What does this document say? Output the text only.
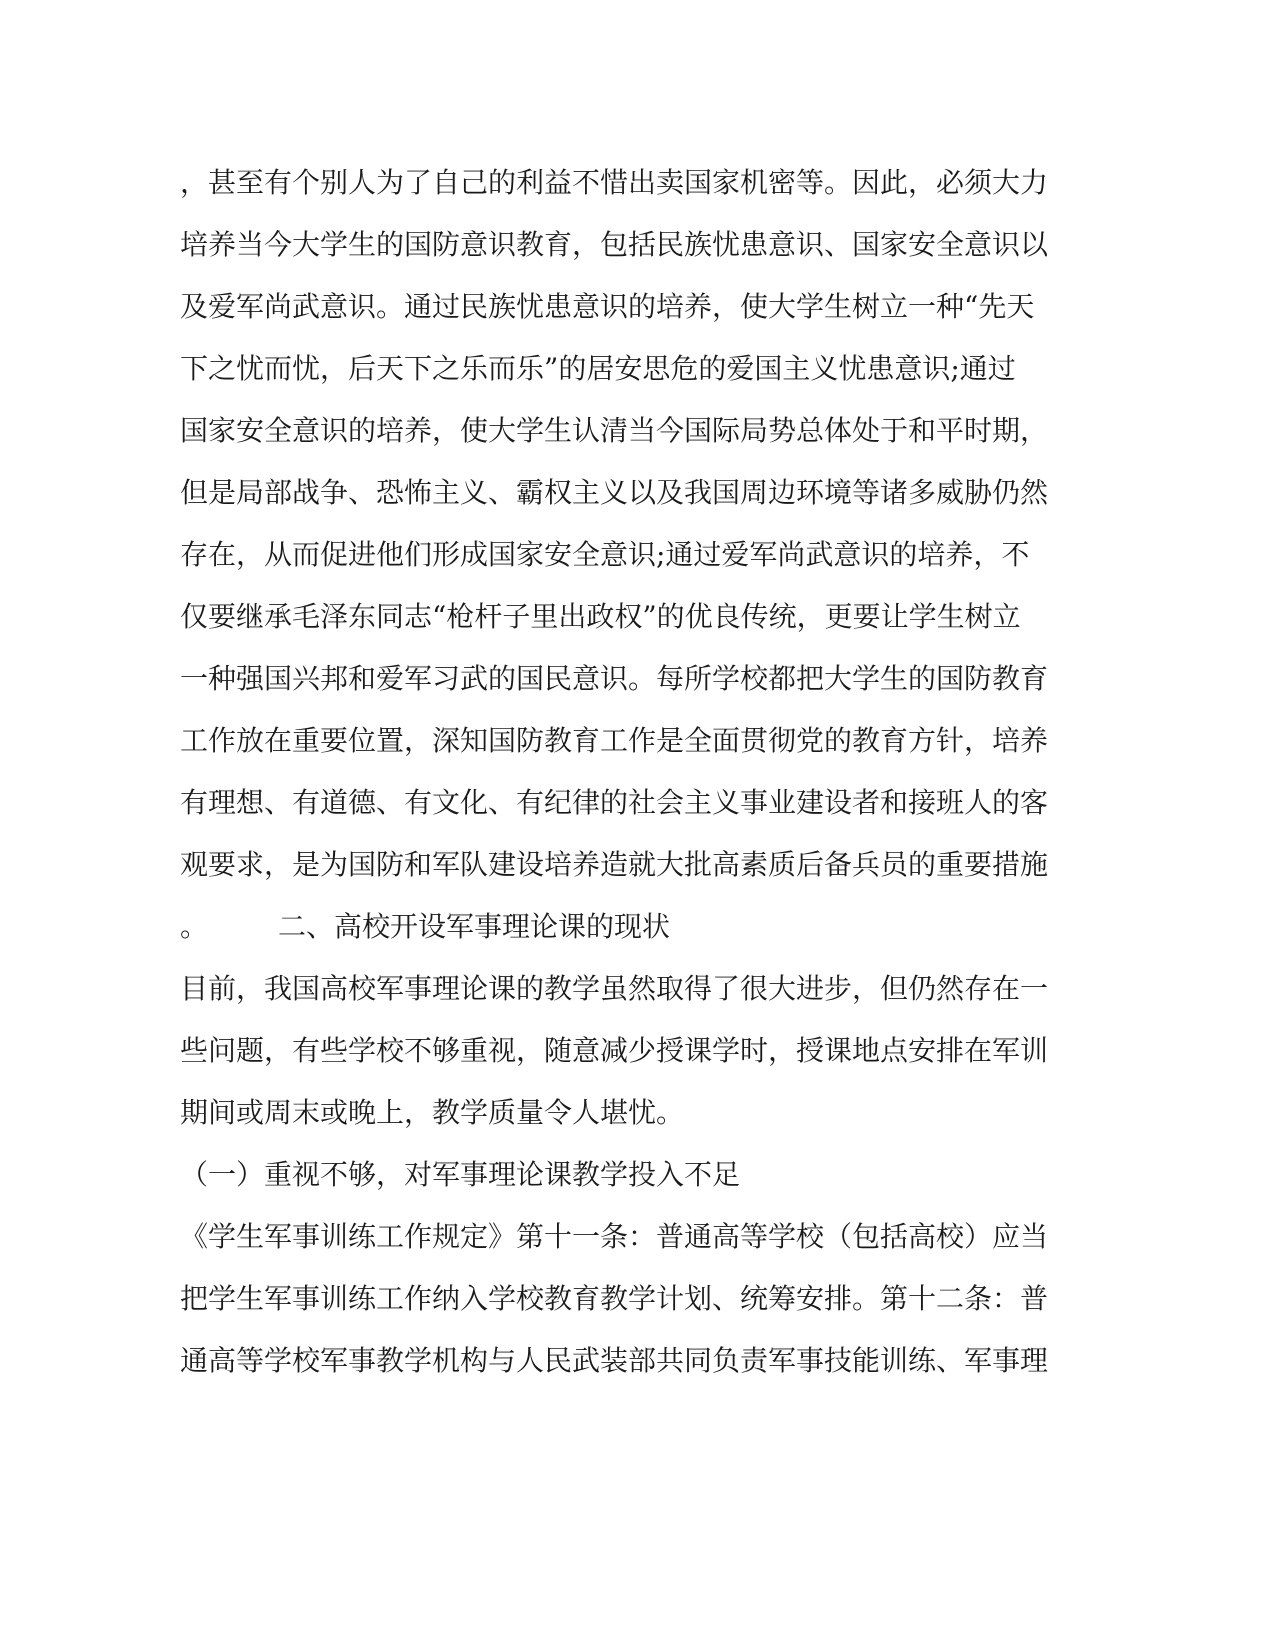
，甚至有个别人为了自己的利益不惜出卖国家机密等。因此，必须大力
培养当今大学生的国防意识教育，包括民族忧患意识、国家安全意识以
及爱军尚武意识。通过民族忧患意识的培养，使大学生树立一种“先天
下之忧而忧，后天下之乐而乐”的居安思危的爱国主义忧患意识;通过
国家安全意识的培养，使大学生认清当今国际局势总体处于和平时期，
但是局部战争、恐怖主义、霸权主义以及我国周边环境等诸多威胁仍然
存在，从而促进他们形成国家安全意识;通过爱军尚武意识的培养，不
仅要继承毛泽东同志“枪杆子里出政权”的优良传统，更要让学生树立
一种强国兴邦和爱军习武的国民意识。每所学校都把大学生的国防教育
工作放在重要位置，深知国防教育工作是全面贯彻党的教育方针，培养
有理想、有道德、有文化、有纪律的社会主义事业建设者和接班人的客
观要求，是为国防和军队建设培养造就大批高素质后备兵员的重要措施
。　　　二、高校开设军事理论课的现状
目前，我国高校军事理论课的教学虽然取得了很大进步，但仍然存在一
些问题，有些学校不够重视，随意减少授课学时，授课地点安排在军训
期间或周末或晚上，教学质量令人堪忧。
（一）重视不够，对军事理论课教学投入不足
《学生军事训练工作规定》第十一条：普通高等学校（包括高校）应当
把学生军事训练工作纳入学校教育教学计划、统筹安排。第十二条：普
通高等学校军事教学机构与人民武装部共同负责军事技能训练、军事理
